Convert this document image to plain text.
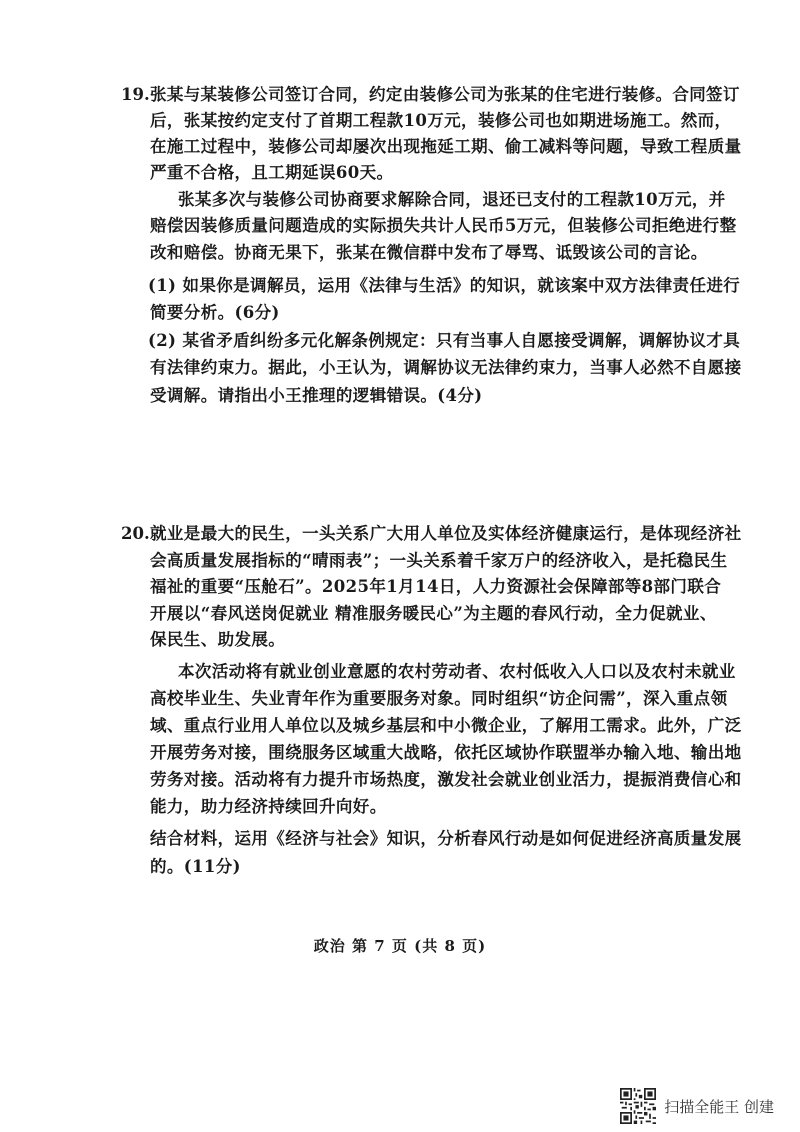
19. 张某与某装修公司签订合同，约定由装修公司为张某的住宅进行装修。合同签订
后，张某按约定支付了首期工程款10万元，装修公司也如期进场施工。然而，
在施工过程中，装修公司却屡次出现拖延工期、偷工减料等问题，导致工程质量
严重不合格，且工期延误60天。
张某多次与装修公司协商要求解除合同，退还已支付的工程款10万元，并
赔偿因装修质量问题造成的实际损失共计人民币5万元，但装修公司拒绝进行整
改和赔偿。协商无果下，张某在微信群中发布了辱骂、诋毁该公司的言论。
(1) 如果你是调解员，运用《法律与生活》的知识，就该案中双方法律责任进行
简要分析。(6分)
(2) 某省矛盾纠纷多元化解条例规定：只有当事人自愿接受调解，调解协议才具
有法律约束力。据此，小王认为，调解协议无法律约束力，当事人必然不自愿接
受调解。请指出小王推理的逻辑错误。(4分)
20. 就业是最大的民生，一头关系广大用人单位及实体经济健康运行，是体现经济社
会高质量发展指标的“晴雨表”；一头关系着千家万户的经济收入，是托稳民生
福祉的重要“压舱石”。2025年1月14日，人力资源社会保障部等8部门联合
开展以“春风送岗促就业 精准服务暖民心”为主题的春风行动，全力促就业、
保民生、助发展。
本次活动将有就业创业意愿的农村劳动者、农村低收入人口以及农村未就业
高校毕业生、失业青年作为重要服务对象。同时组织“访企问需”，深入重点领
域、重点行业用人单位以及城乡基层和中小微企业，了解用工需求。此外，广泛
开展劳务对接，围绕服务区域重大战略，依托区域协作联盟举办输入地、输出地
劳务对接。活动将有力提升市场热度，激发社会就业创业活力，提振消费信心和
能力，助力经济持续回升向好。
结合材料，运用《经济与社会》知识，分析春风行动是如何促进经济高质量发展
的。(11分)
政治 第 7 页 (共 8 页)
扫描全能王 创建
